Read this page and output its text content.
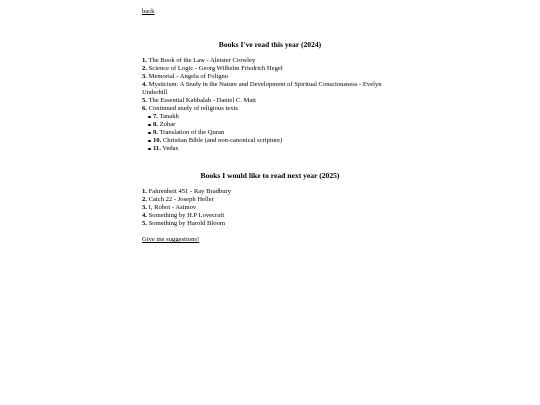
back
Books I've read this year (2024)
1. The Book of the Law - Aleister Crowley
2. Science of Logic - Georg Wilhelm Friedrich Hegel
3. Memorial - Angela of Foligno
4. Mysticism: A Study in the Nature and Development of Spiritual Consciousness - Evelyn Underhill
5. The Essential Kabbalah - Daniel C. Matt
6. Continued study of religious texts
7. Tanakh
8. Zohar
9. Translation of the Quran
10. Christian Bible (and non-canonical scripture)
11. Vedas
Books I would like to read next year (2025)
1. Fahrenheit 451 - Ray Bradbury
2. Catch 22 - Joseph Heller
3. I, Robot - Asimov
4. Something by H.P Lovecraft
5. Something by Harold Bloom
Give me suggestions!
